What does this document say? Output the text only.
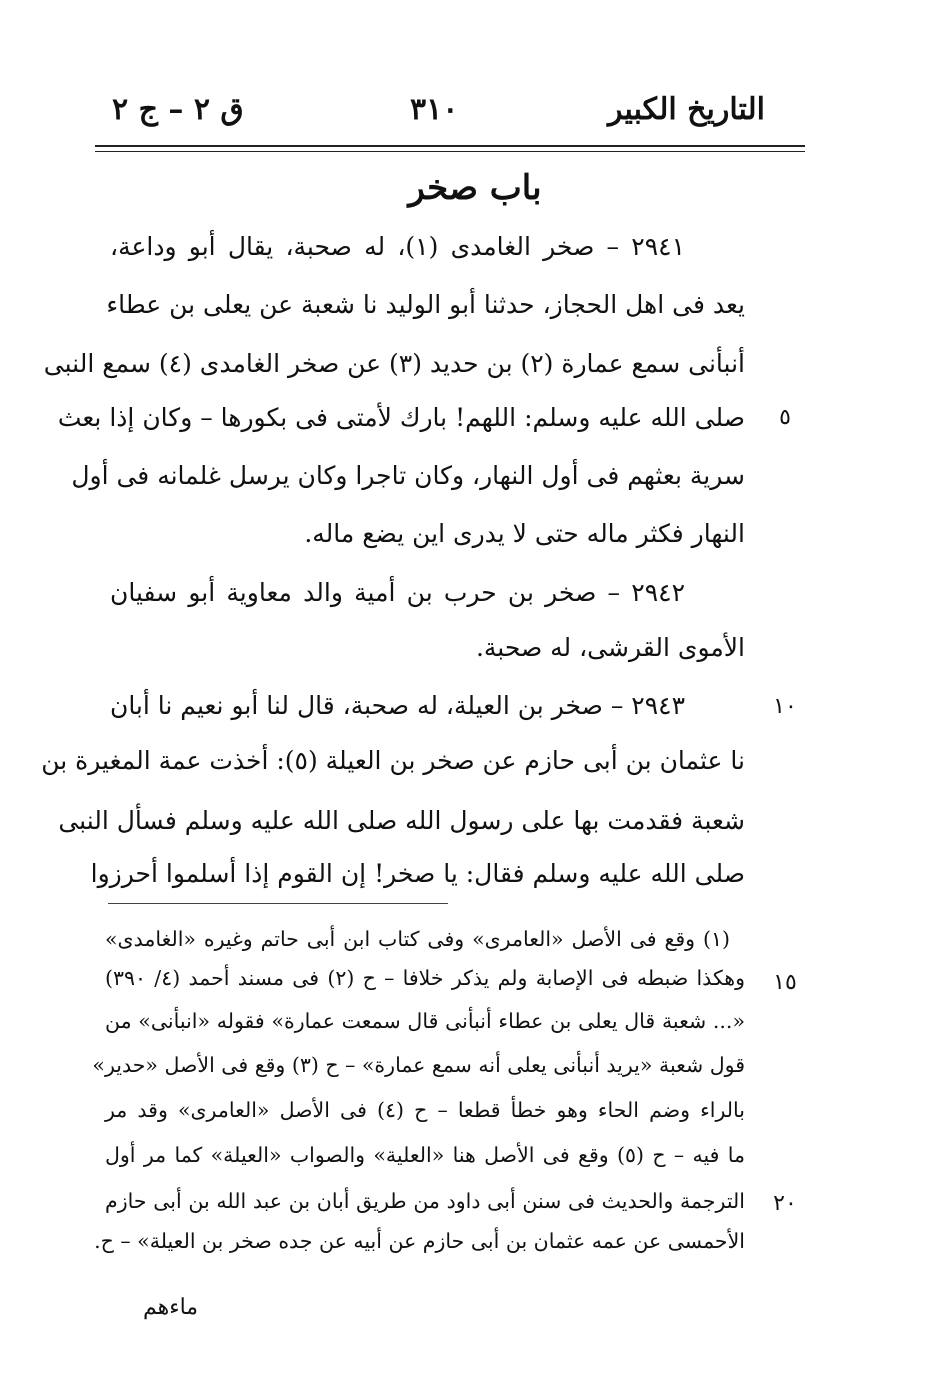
التاريخ الكبير
٣١٠
ق ٢ – ج ٢
باب صخر
٢٩٤١ – صخر الغامدى (١)، له صحبة، يقال أبو وداعة،
يعد فى اهل الحجاز، حدثنا أبو الوليد نا شعبة عن يعلى بن عطاء
أنبأنى سمع عمارة (٢) بن حديد (٣) عن صخر الغامدى (٤) سمع النبى
صلى الله عليه وسلم: اللهم! بارك لأمتى فى بكورها – وكان إذا بعث
سرية بعثهم فى أول النهار، وكان تاجرا وكان يرسل غلمانه فى أول
النهار فكثر ماله حتى لا يدرى اين يضع ماله.
٢٩٤٢ – صخر بن حرب بن أمية والد معاوية أبو سفيان
الأموى القرشى، له صحبة.
٢٩٤٣ – صخر بن العيلة، له صحبة، قال لنا أبو نعيم نا أبان
نا عثمان بن أبى حازم عن صخر بن العيلة (٥): أخذت عمة المغيرة بن
شعبة فقدمت بها على رسول الله صلى الله عليه وسلم فسأل النبى
صلى الله عليه وسلم فقال: يا صخر! إن القوم إذا أسلموا أحرزوا
(١) وقع فى الأصل «العامرى» وفى كتاب ابن أبى حاتم وغيره «الغامدى»
وهكذا ضبطه فى الإصابة ولم يذكر خلافا – ح (٢) فى مسند أحمد (٤/ ٣٩٠)
«... شعبة قال يعلى بن عطاء أنبأنى قال سمعت عمارة» فقوله «انبأنى» من
قول شعبة «يريد أنبأنى يعلى أنه سمع عمارة» – ح (٣) وقع فى الأصل «حدير»
بالراء وضم الحاء وهو خطأ قطعا – ح (٤) فى الأصل «العامرى» وقد مر
ما فيه – ح (٥) وقع فى الأصل هنا «العلية» والصواب «العيلة» كما مر أول
الترجمة والحديث فى سنن أبى داود من طريق أبان بن عبد الله بن أبى حازم
الأحمسى عن عمه عثمان بن أبى حازم عن أبيه عن جده صخر بن العيلة» – ح.
٥
١٠
١٥
٢٠
ماءهم
